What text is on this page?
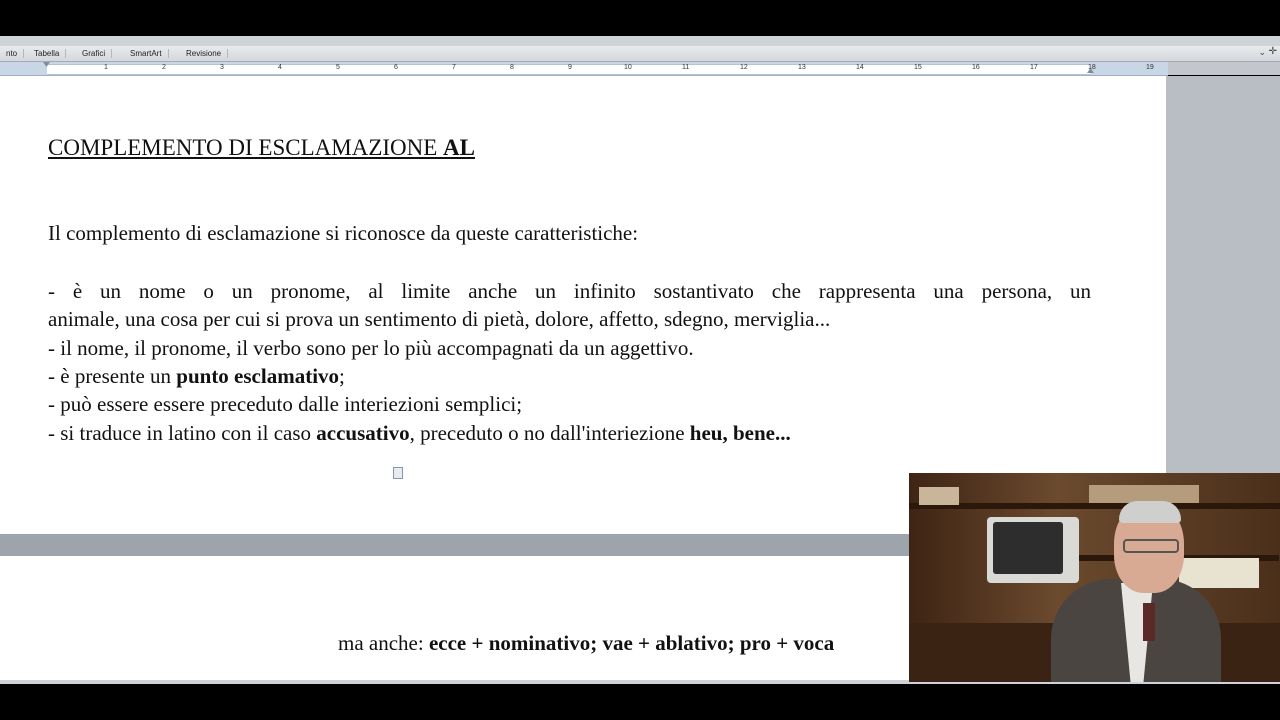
nto	Tabella	Grafici	SmartArt	Revisione	⌄ ✛
1	2	3	4	5	6	7	8	9	10	11	12	13	14	15	16	17	18	19
COMPLEMENTO DI ESCLAMAZIONE AL
Il complemento di esclamazione si riconosce da queste caratteristiche:
- è un nome o un pronome, al limite anche un infinito sostantivato che rappresenta una persona, un
animale, una cosa per cui si prova un sentimento di pietà, dolore, affetto, sdegno, merviglia...
- il nome, il pronome, il verbo sono per lo più accompagnati da un aggettivo.
- è presente un punto esclamativo;
- può essere essere preceduto dalle interiezioni semplici;
- si traduce in latino con il caso accusativo, preceduto o no dall'interiezione heu, bene...
ma anche: ecce + nominativo; vae + ablativo; pro + voca
